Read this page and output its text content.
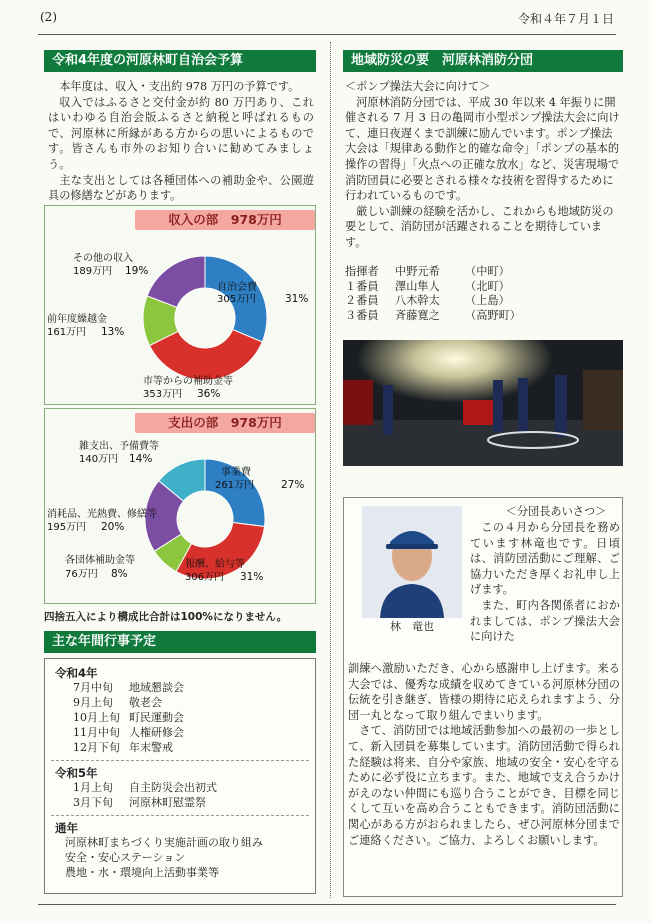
(2)	令和４年７月１日
令和4年度の河原林町自治会予算

本年度は、収入・支出約 978 万円の予算です。

収入ではふるさと交付金が約 80 万円あり、これはいわゆる自治会版ふるさと納税と呼ばれるもので、河原林に所縁がある方からの思いによるものです。皆さんも市外のお知り合いに勧めてみましょう。

主な支出としては各種団体への補助金や、公園遊具の修繕などがあります。

収入の部　978万円
その他の収入
189万円 19%
自治会費
305万円	31%
前年度繰越金
161万円 13%
市等からの補助金等
353万円 36%
支出の部　978万円
雑支出、予備費等
140万円 14%
事業費
261万円	27%
消耗品、光熱費、修繕等
195万円 20%
各団体補助金等
76万円 8%
報酬、給与等
306万円 31%
四捨五入により構成比合計は100%になりません。
主な年間行事予定
令和4年
7月中旬 地域懇談会
9月上旬 敬老会
10月上旬 町民運動会
11月中旬 人権研修会
12月下旬 年末警戒
令和5年
1月上旬 自主防災会出初式
3月下旬 河原林町慰霊祭
通年
河原林町まちづくり実施計画の取り組み
安全・安心ステーション
農地・水・環境向上活動事業等
地域防災の要　河原林消防分団
＜ポンプ操法大会に向けて＞

河原林消防分団では、平成 30 年以来 4 年振りに開催される 7 月 3 日の亀岡市小型ポンプ操法大会に向けて、連日夜遅くまで訓練に励んでいます。ポンプ操法大会は「規律ある動作と的確な命令」「ポンプの基本的操作の習得」「火点への正確な放水」など、災害現場で消防団員に必要とされる様々な技術を習得するために行われているものです。

厳しい訓練の経験を活かし、これからも地域防災の要として、消防団が活躍されることを期待しています。

指揮者 中野元希 （中町）
１番員 澤山隼人 （北町）
２番員 八木幹太 （上島）
３番員 斉藤寛之 （高野町）
林　竜也
＜分団長あいさつ＞

この４月から分団長を務めています林竜也です。日頃は、消防団活動にご理解、ご協力いただき厚くお礼申し上げます。

また、町内各関係者におかれましては、ポンプ操法大会に向けた

訓練へ激励いただき、心から感謝申し上げます。来る大会では、優秀な成績を収めてきている河原林分団の伝統を引き継ぎ、皆様の期待に応えられますよう、分団一丸となって取り組んでまいります。

さて、消防団では地域活動参加への最初の一歩として、新入団員を募集しています。消防団活動で得られた経験は将来、自分や家族、地域の安全・安心を守るために必ず役に立ちます。また、地域で支え合うかけがえのない仲間にも巡り合うことができ、目標を同じくして互いを高め合うこともできます。消防団活動に関心がある方がおられましたら、ぜひ河原林分団までご連絡ください。ご協力、よろしくお願いします。
